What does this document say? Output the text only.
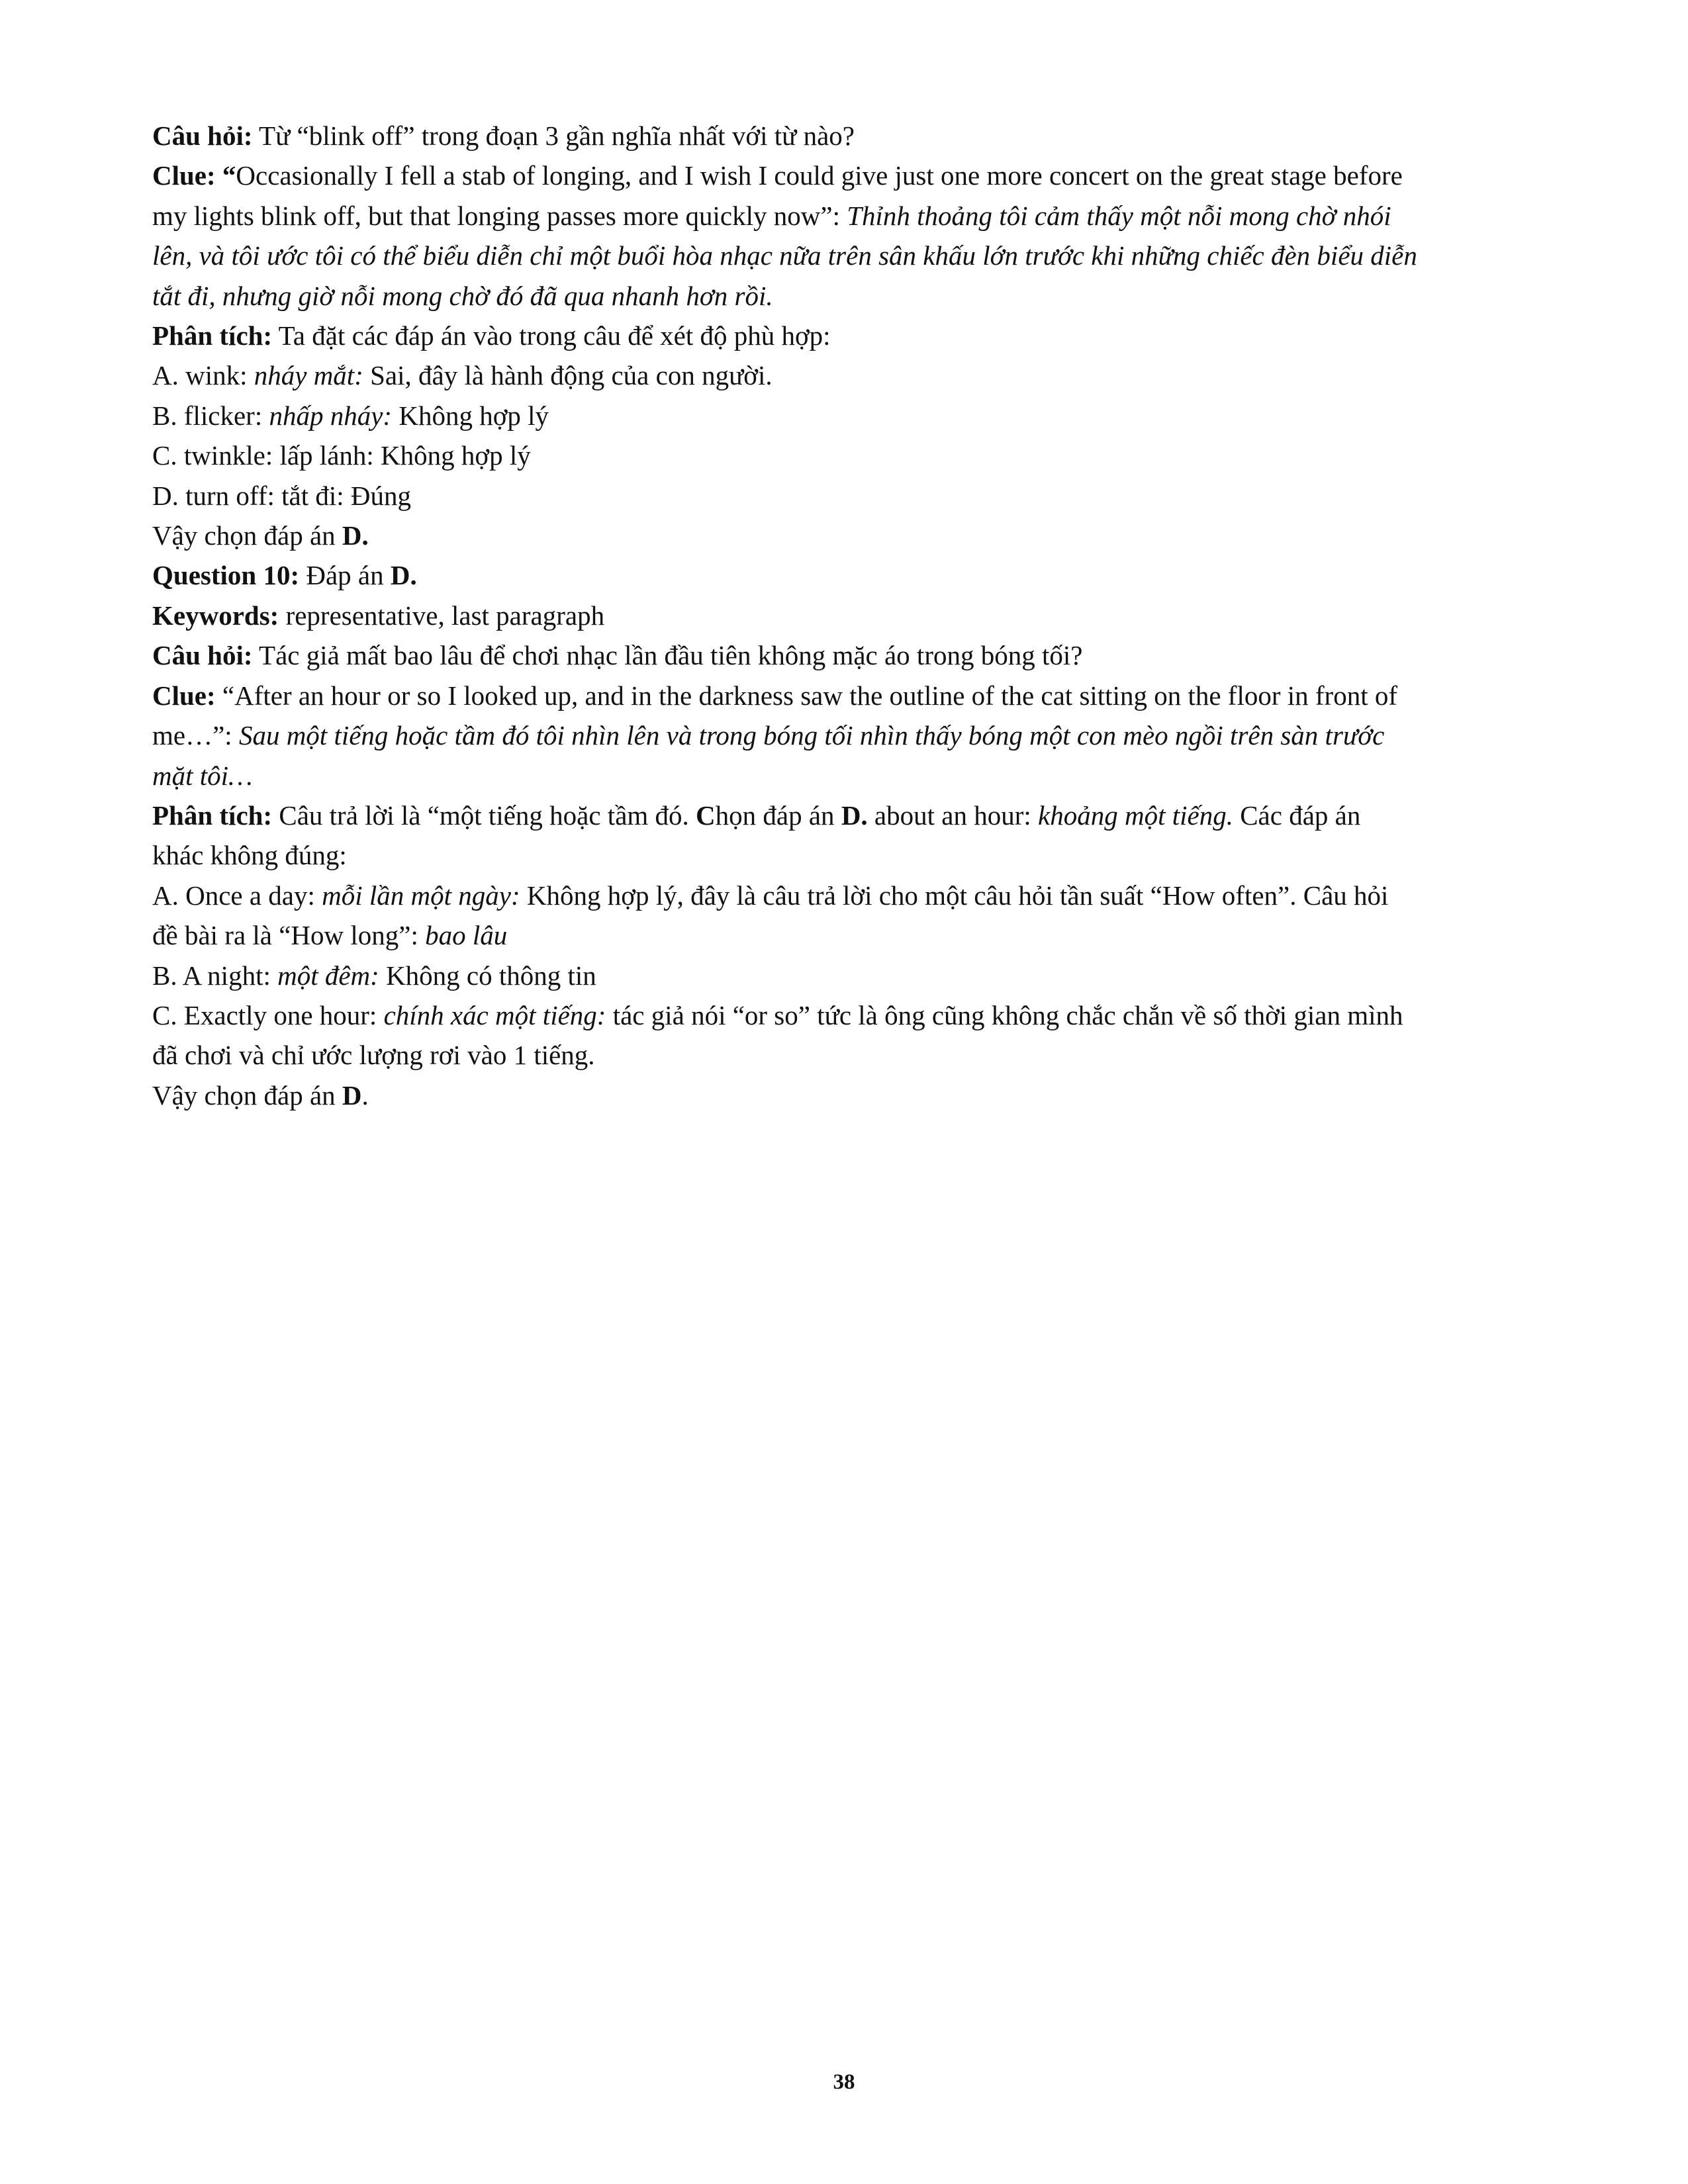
Câu hỏi: Từ “blink off” trong đoạn 3 gần nghĩa nhất với từ nào?

Clue: “Occasionally I fell a stab of longing, and I wish I could give just one more concert on the great stage before

my lights blink off, but that longing passes more quickly now”: Thỉnh thoảng tôi cảm thấy một nỗi mong chờ nhói

lên, và tôi ước tôi có thể biểu diễn chỉ một buổi hòa nhạc nữa trên sân khấu lớn trước khi những chiếc đèn biểu diễn

tắt đi, nhưng giờ nỗi mong chờ đó đã qua nhanh hơn rồi.

Phân tích: Ta đặt các đáp án vào trong câu để xét độ phù hợp:

A. wink: nháy mắt: Sai, đây là hành động của con người.

B. flicker: nhấp nháy: Không hợp lý

C. twinkle: lấp lánh: Không hợp lý

D. turn off: tắt đi: Đúng

Vậy chọn đáp án D.

Question 10: Đáp án D.

Keywords: representative, last paragraph

Câu hỏi: Tác giả mất bao lâu để chơi nhạc lần đầu tiên không mặc áo trong bóng tối?

Clue: “After an hour or so I looked up, and in the darkness saw the outline of the cat sitting on the floor in front of

me…”: Sau một tiếng hoặc tầm đó tôi nhìn lên và trong bóng tối nhìn thấy bóng một con mèo ngồi trên sàn trước

mặt tôi…

Phân tích: Câu trả lời là “một tiếng hoặc tầm đó. Chọn đáp án D. about an hour: khoảng một tiếng. Các đáp án

khác không đúng:

A. Once a day: mỗi lần một ngày: Không hợp lý, đây là câu trả lời cho một câu hỏi tần suất “How often”. Câu hỏi

đề bài ra là “How long”: bao lâu

B. A night: một đêm: Không có thông tin

C. Exactly one hour: chính xác một tiếng: tác giả nói “or so” tức là ông cũng không chắc chắn về số thời gian mình

đã chơi và chỉ ước lượng rơi vào 1 tiếng.

Vậy chọn đáp án D.

38
